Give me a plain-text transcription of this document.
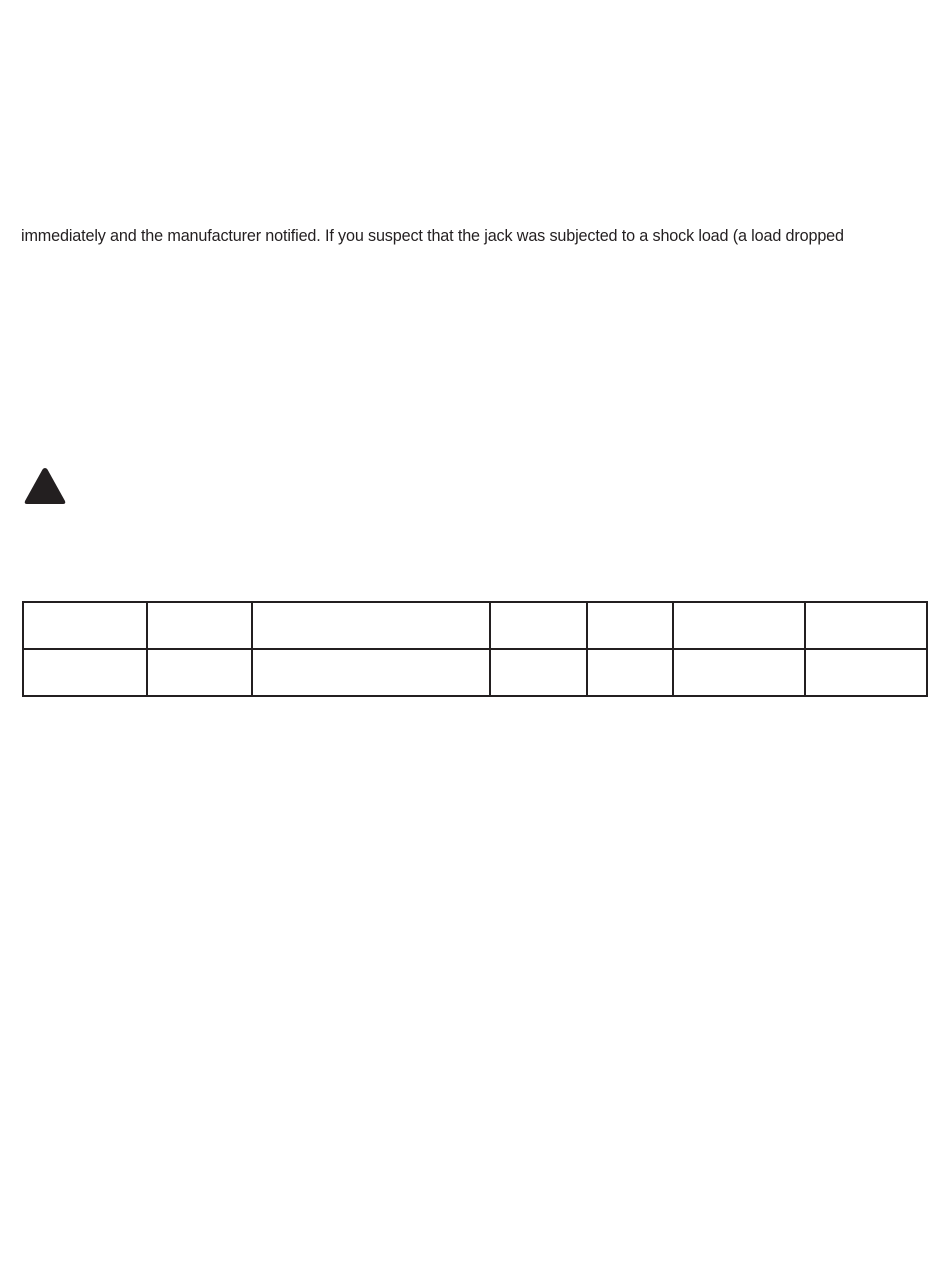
immediately and the manufacturer notified. If you suspect that the jack was subjected to a shock load (a load dropped
